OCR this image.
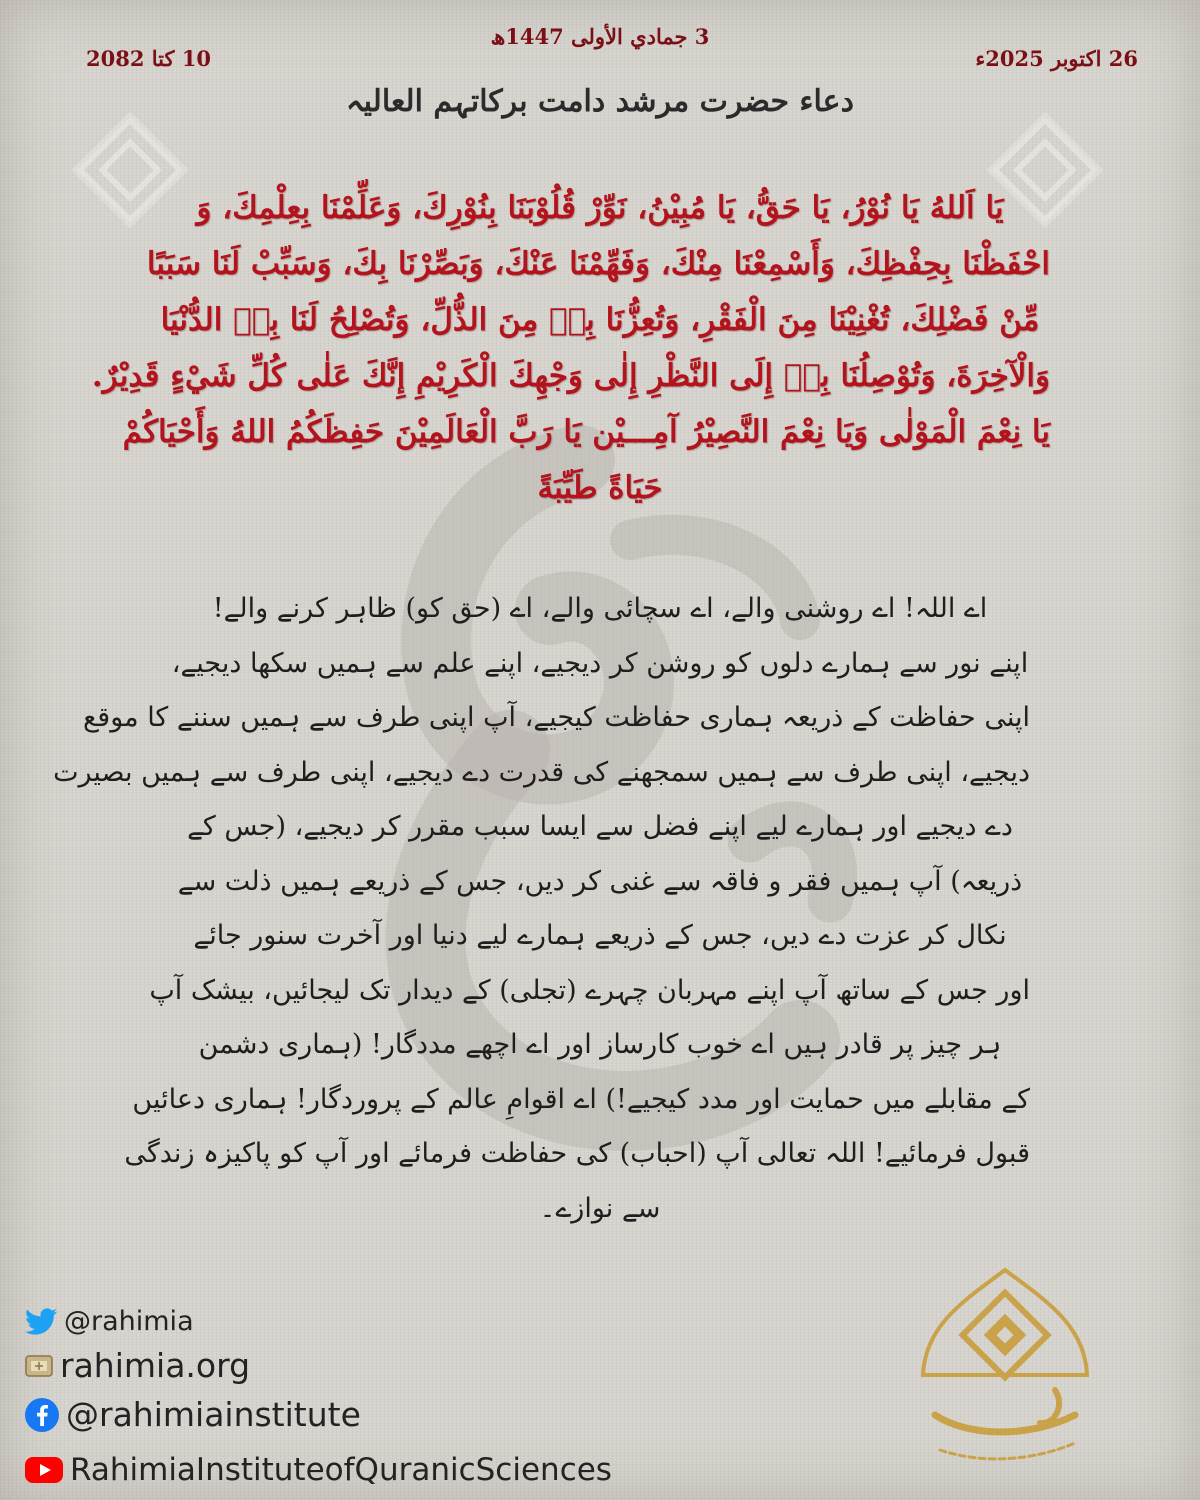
3 جمادي الأولى 1447ھ
26 اکتوبر 2025ء
10 کتا 2082
دعاء حضرت مرشد دامت برکاتہم العالیہ
يَا اَللهُ يَا نُوْرُ، يَا حَقُّ، يَا مُبِيْنُ، نَوِّرْ قُلُوْبَنَا بِنُوْرِكَ، وَعَلِّمْنَا بِعِلْمِكَ، وَ
احْفَظْنَا بِحِفْظِكَ، وَأَسْمِعْنَا مِنْكَ، وَفَهِّمْنَا عَنْكَ، وَبَصِّرْنَا بِكَ، وَسَبِّبْ لَنَا سَبَبًا
مِّنْ فَضْلِكَ، تُغْنِيْنَا مِنَ الْفَقْرِ، وَتُعِزُّنَا بِهٖ مِنَ الذُّلِّ، وَتُصْلِحُ لَنَا بِهٖ الدُّنْيَا
وَالْآخِرَةَ، وَتُوْصِلُنَا بِهٖ إِلَى النَّظْرِ إِلٰى وَجْهِكَ الْكَرِيْمِ إِنَّكَ عَلٰى كُلِّ شَيْءٍ قَدِيْرٌ.
يَا نِعْمَ الْمَوْلٰى وَيَا نِعْمَ النَّصِيْرُ آمِـــيْن يَا رَبَّ الْعَالَمِيْنَ حَفِظَكُمُ اللهُ وَأَحْيَاكُمْ
حَيَاةً طَيِّبَةً
اے اللہ! اے روشنی والے، اے سچائی والے، اے (حق کو) ظاہر کرنے والے!
اپنے نور سے ہمارے دلوں کو روشن کر دیجیے، اپنے علم سے ہمیں سکھا دیجیے،
اپنی حفاظت کے ذریعہ ہماری حفاظت کیجیے، آپ اپنی طرف سے ہمیں سننے کا موقع
دیجیے، اپنی طرف سے ہمیں سمجھنے کی قدرت دے دیجیے، اپنی طرف سے ہمیں بصیرت
دے دیجیے اور ہمارے لیے اپنے فضل سے ایسا سبب مقرر کر دیجیے، (جس کے
ذریعہ) آپ ہمیں فقر و فاقہ سے غنی کر دیں، جس کے ذریعے ہمیں ذلت سے
نکال کر عزت دے دیں، جس کے ذریعے ہمارے لیے دنیا اور آخرت سنور جائے
اور جس کے ساتھ آپ اپنے مہربان چہرے (تجلی) کے دیدار تک لیجائیں، بیشک آپ
ہر چیز پر قادر ہیں اے خوب کارساز اور اے اچھے مددگار! (ہماری دشمن
کے مقابلے میں حمایت اور مدد کیجیے!) اے اقوامِ عالم کے پروردگار! ہماری دعائیں
قبول فرمائیے! اللہ تعالی آپ (احباب) کی حفاظت فرمائے اور آپ کو پاکیزہ زندگی
سے نوازے۔
@rahimia
rahimia.org
@rahimiainstitute
RahimiaInstituteofQuranicSciences
